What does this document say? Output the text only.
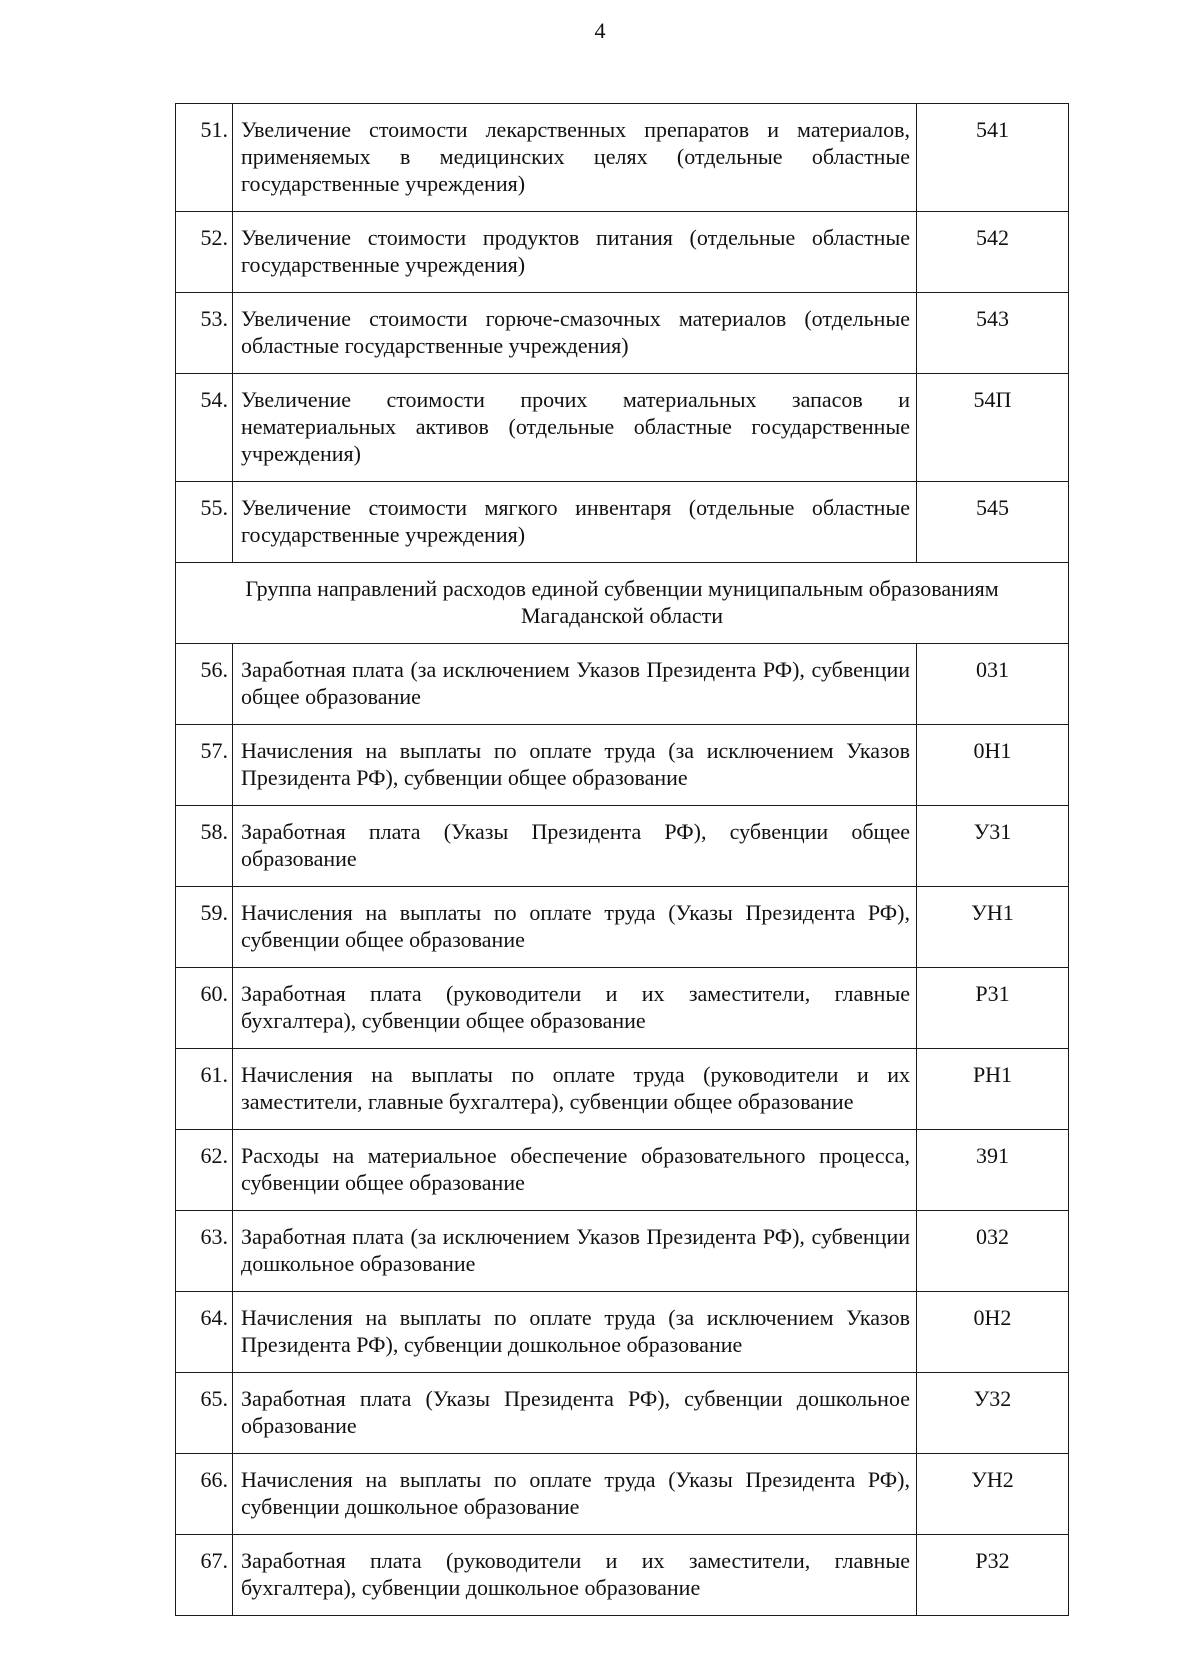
4
51.	Увеличение стоимости лекарственных препаратов и материалов, применяемых в медицинских целях (отдельные областные государственные учреждения)	541
52.	Увеличение стоимости продуктов питания (отдельные областные государственные учреждения)	542
53.	Увеличение стоимости горюче-смазочных материалов (отдельные областные государственные учреждения)	543
54.	Увеличение стоимости прочих материальных запасов и нематериальных активов (отдельные областные государственные учреждения)	54П
55.	Увеличение стоимости мягкого инвентаря (отдельные областные государственные учреждения)	545
Группа направлений расходов единой субвенции муниципальным образованиям Магаданской области		
56.	Заработная плата (за исключением Указов Президента РФ), субвенции общее образование	031
57.	Начисления на выплаты по оплате труда (за исключением Указов Президента РФ), субвенции общее образование	0Н1
58.	Заработная плата (Указы Президента РФ), субвенции общее образование	У31
59.	Начисления на выплаты по оплате труда (Указы Президента РФ), субвенции общее образование	УН1
60.	Заработная плата (руководители и их заместители, главные бухгалтера), субвенции общее образование	Р31
61.	Начисления на выплаты по оплате труда (руководители и их заместители, главные бухгалтера), субвенции общее образование	РН1
62.	Расходы на материальное обеспечение образовательного процесса, субвенции общее образование	391
63.	Заработная плата (за исключением Указов Президента РФ), субвенции дошкольное образование	032
64.	Начисления на выплаты по оплате труда (за исключением Указов Президента РФ), субвенции дошкольное образование	0Н2
65.	Заработная плата (Указы Президента РФ), субвенции дошкольное образование	У32
66.	Начисления на выплаты по оплате труда (Указы Президента РФ), субвенции дошкольное образование	УН2
67.	Заработная плата (руководители и их заместители, главные бухгалтера), субвенции дошкольное образование	Р32
